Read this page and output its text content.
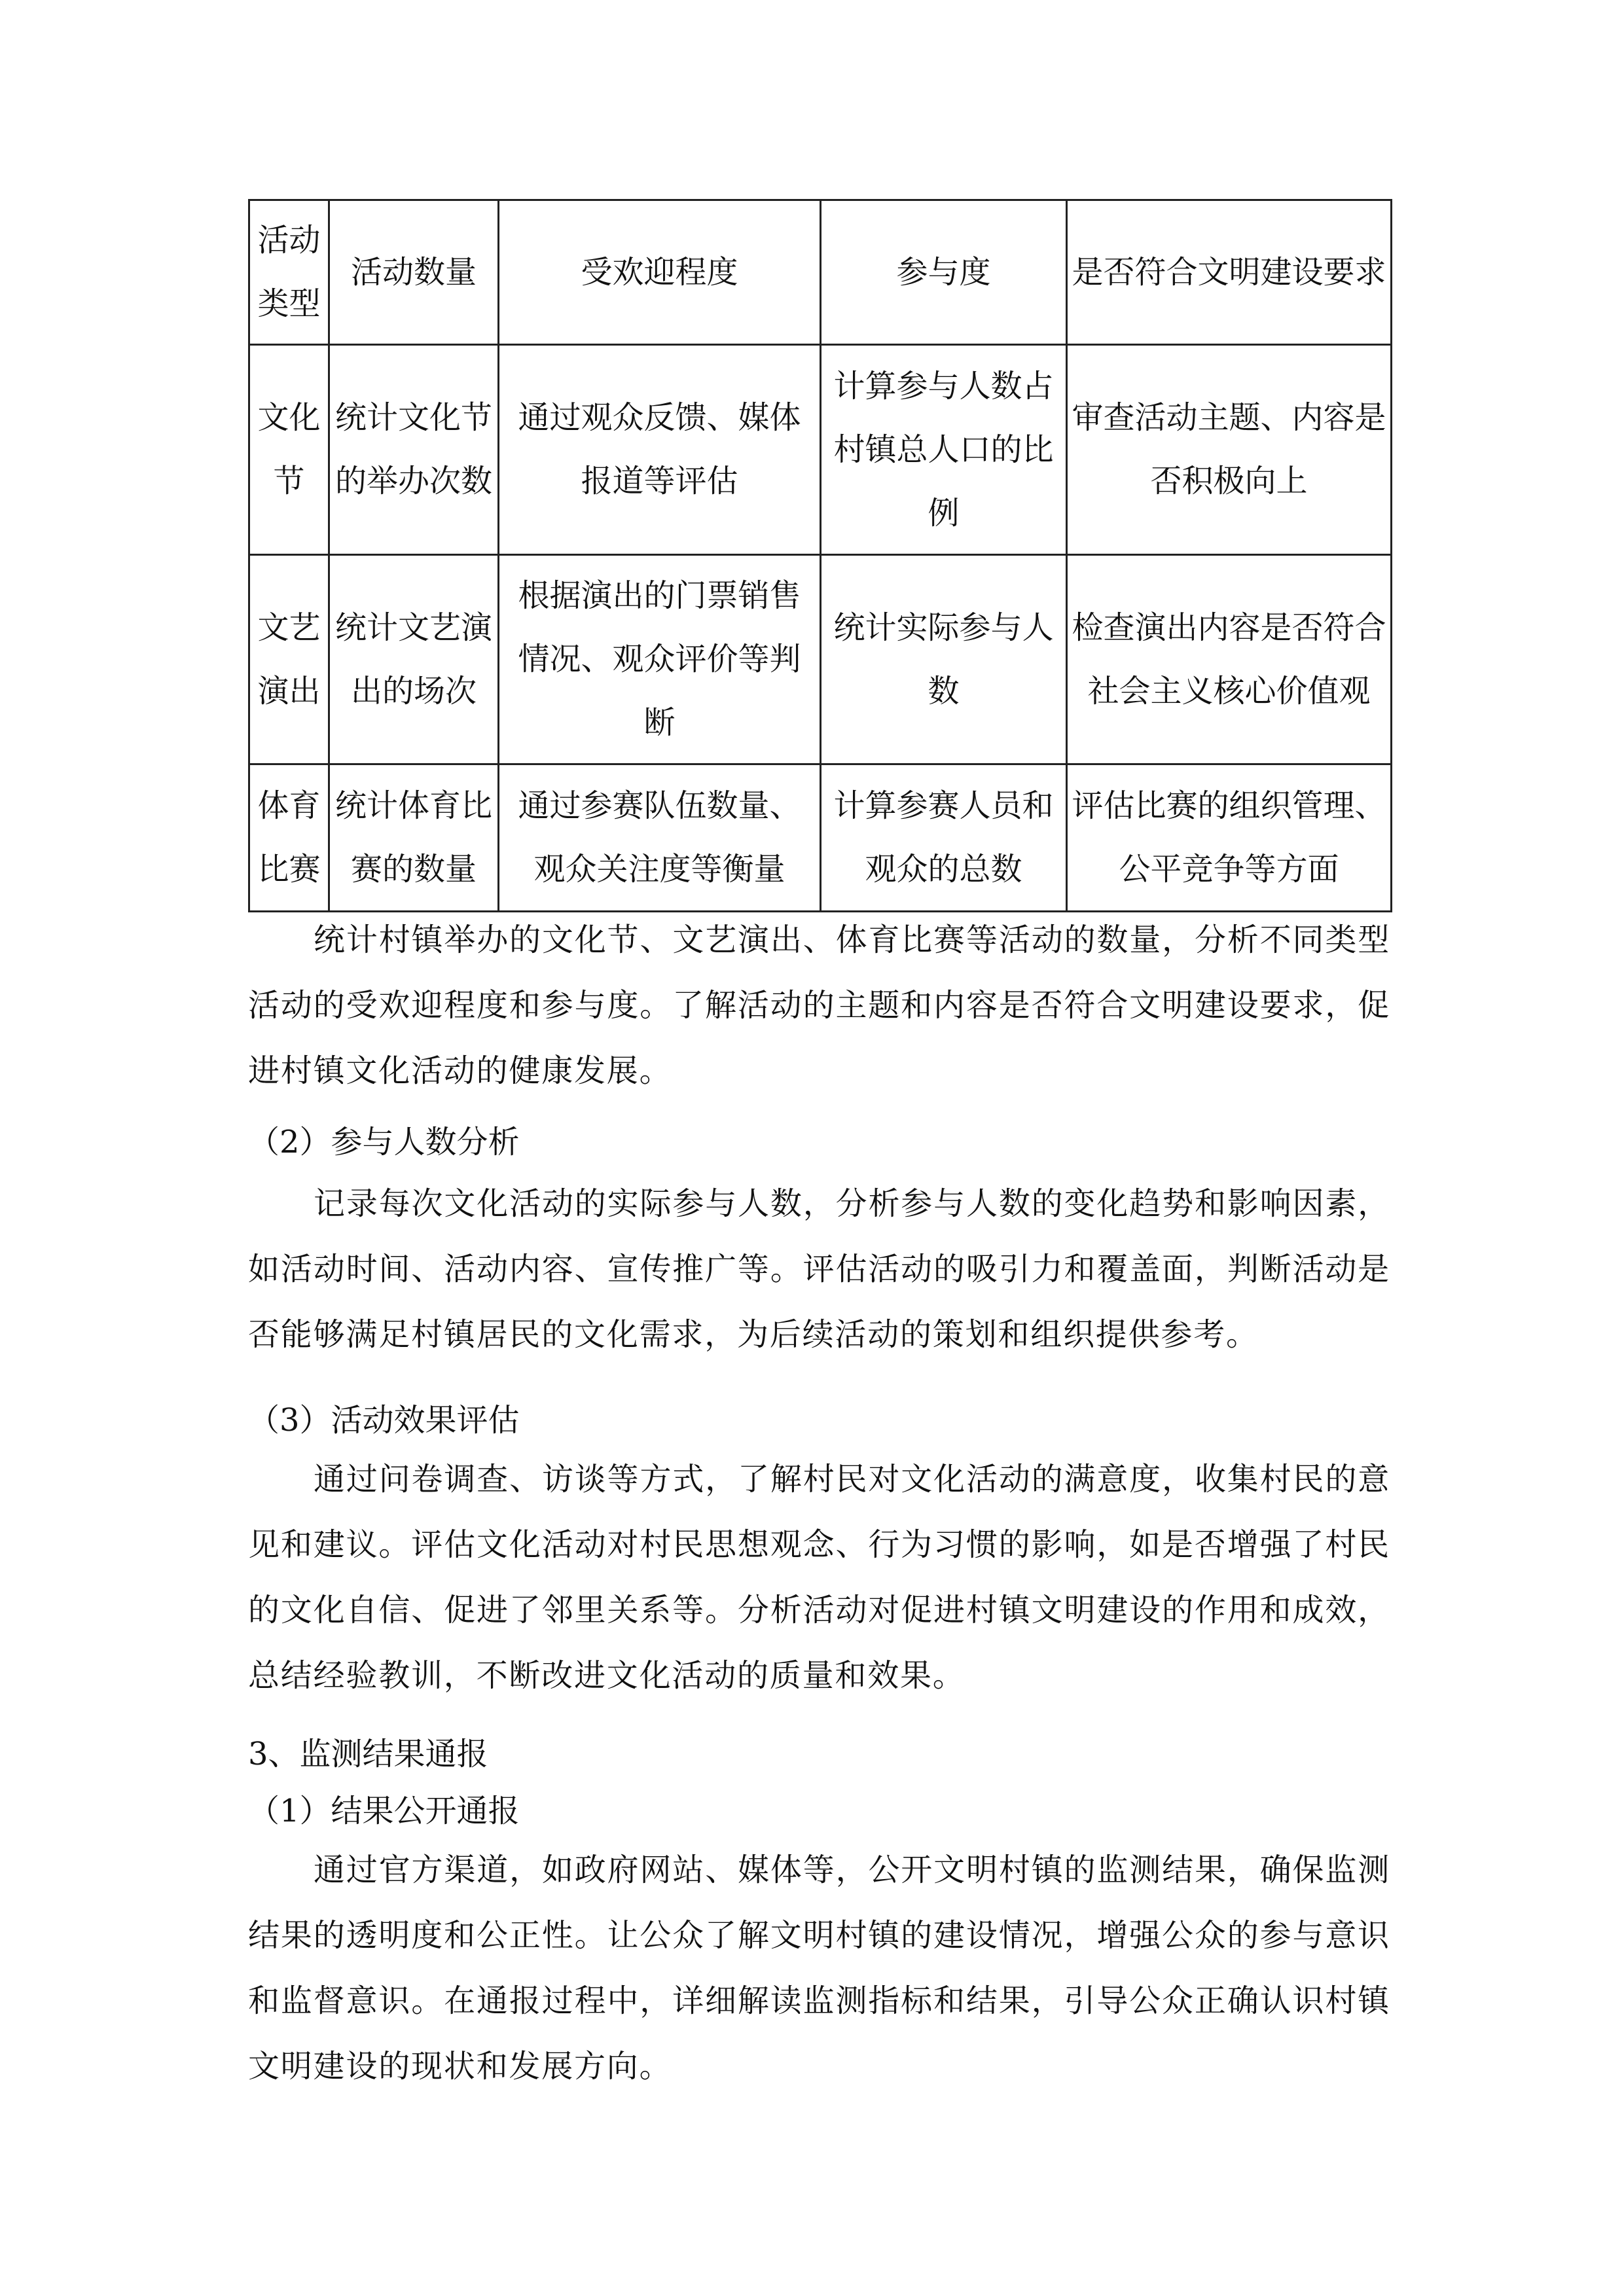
活动类型	活动数量	受欢迎程度	参与度	是否符合文明建设要求
文化节	统计文化节的举办次数	通过观众反馈、媒体报道等评估	计算参与人数占村镇总人口的比例	审查活动主题、内容是否积极向上
文艺演出	统计文艺演出的场次	根据演出的门票销售情况、观众评价等判断	统计实际参与人数	检查演出内容是否符合社会主义核心价值观
体育比赛	统计体育比赛的数量	通过参赛队伍数量、观众关注度等衡量	计算参赛人员和观众的总数	评估比赛的组织管理、公平竞争等方面
统计村镇举办的文化节、文艺演出、体育比赛等活动的数量，分析不同类型活动的受欢迎程度和参与度。了解活动的主题和内容是否符合文明建设要求，促进村镇文化活动的健康发展。
（2）参与人数分析
记录每次文化活动的实际参与人数，分析参与人数的变化趋势和影响因素，如活动时间、活动内容、宣传推广等。评估活动的吸引力和覆盖面，判断活动是否能够满足村镇居民的文化需求，为后续活动的策划和组织提供参考。
（3）活动效果评估
通过问卷调查、访谈等方式，了解村民对文化活动的满意度，收集村民的意见和建议。评估文化活动对村民思想观念、行为习惯的影响，如是否增强了村民的文化自信、促进了邻里关系等。分析活动对促进村镇文明建设的作用和成效，总结经验教训，不断改进文化活动的质量和效果。
3、监测结果通报
（1）结果公开通报
通过官方渠道，如政府网站、媒体等，公开文明村镇的监测结果，确保监测结果的透明度和公正性。让公众了解文明村镇的建设情况，增强公众的参与意识和监督意识。在通报过程中，详细解读监测指标和结果，引导公众正确认识村镇文明建设的现状和发展方向。
